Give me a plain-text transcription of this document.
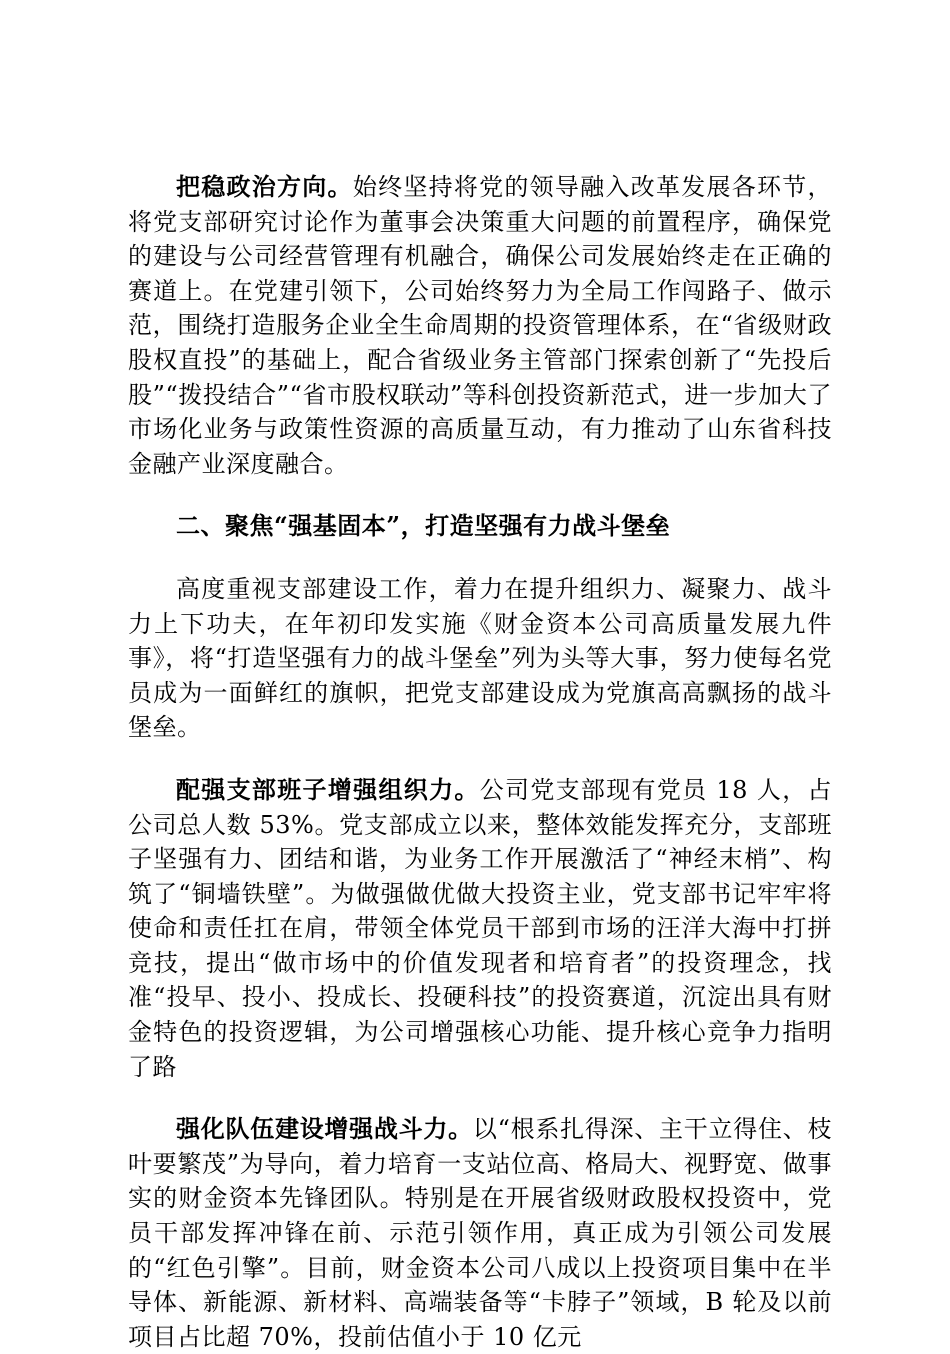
把稳政治方向。始终坚持将党的领导融入改革发展各环节，将党支部研究讨论作为董事会决策重大问题的前置程序，确保党的建设与公司经营管理有机融合，确保公司发展始终走在正确的赛道上。在党建引领下，公司始终努力为全局工作闯路子、做示范，围绕打造服务企业全生命周期的投资管理体系，在“省级财政股权直投”的基础上，配合省级业务主管部门探索创新了“先投后股”“拨投结合”“省市股权联动”等科创投资新范式，进一步加大了市场化业务与政策性资源的高质量互动，有力推动了山东省科技金融产业深度融合。

二、聚焦“强基固本”，打造坚强有力战斗堡垒

高度重视支部建设工作，着力在提升组织力、凝聚力、战斗力上下功夫，在年初印发实施《财金资本公司高质量发展九件事》，将“打造坚强有力的战斗堡垒”列为头等大事，努力使每名党员成为一面鲜红的旗帜，把党支部建设成为党旗高高飘扬的战斗堡垒。

配强支部班子增强组织力。公司党支部现有党员 18 人，占公司总人数 53%。党支部成立以来，整体效能发挥充分，支部班子坚强有力、团结和谐，为业务工作开展激活了“神经末梢”、构筑了“铜墙铁壁”。为做强做优做大投资主业，党支部书记牢牢将使命和责任扛在肩，带领全体党员干部到市场的汪洋大海中打拼竞技，提出“做市场中的价值发现者和培育者”的投资理念，找准“投早、投小、投成长、投硬科技”的投资赛道，沉淀出具有财金特色的投资逻辑，为公司增强核心功能、提升核心竞争力指明了路

强化队伍建设增强战斗力。以“根系扎得深、主干立得住、枝叶要繁茂”为导向，着力培育一支站位高、格局大、视野宽、做事实的财金资本先锋团队。特别是在开展省级财政股权投资中，党员干部发挥冲锋在前、示范引领作用，真正成为引领公司发展的“红色引擎”。目前，财金资本公司八成以上投资项目集中在半导体、新能源、新材料、高端装备等“卡脖子”领域，B 轮及以前项目占比超 70%，投前估值小于 10 亿元
